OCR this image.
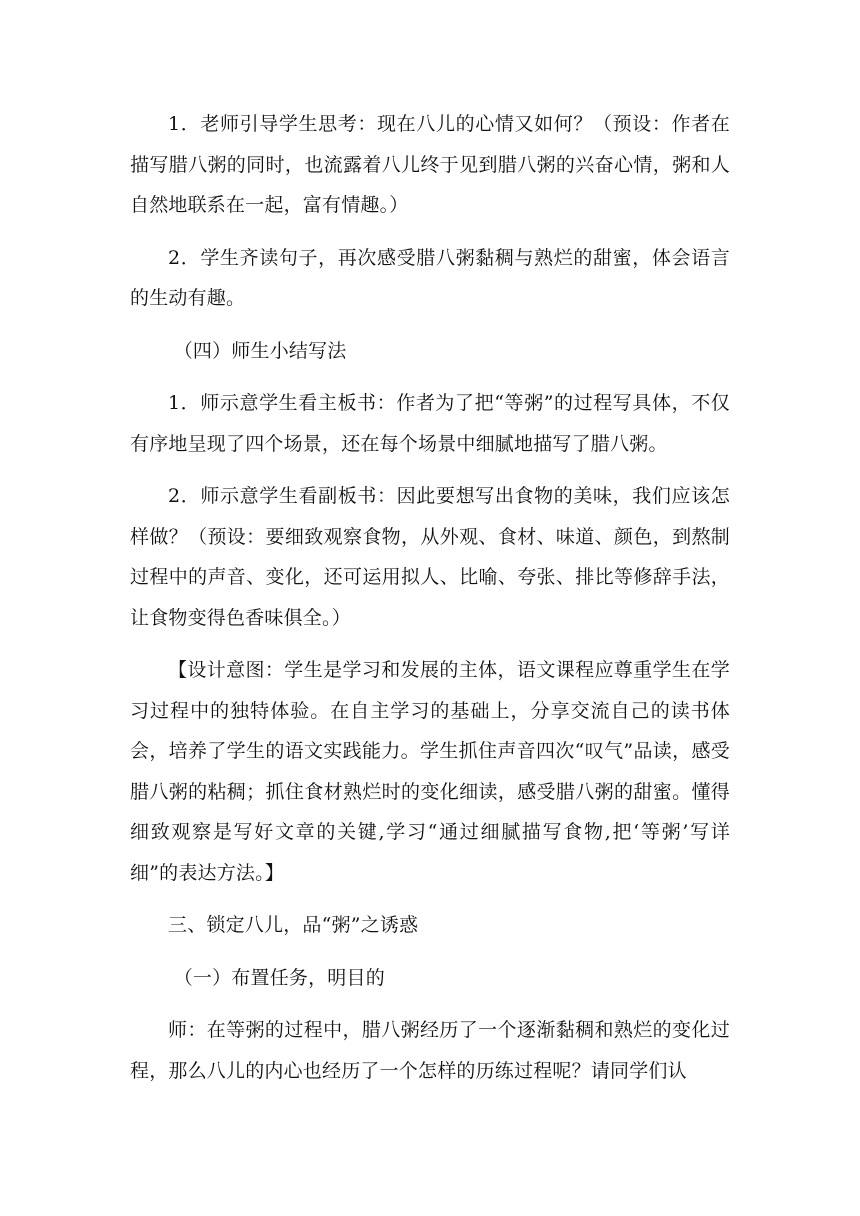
1．老师引导学生思考：现在八儿的心情又如何？（预设：作者在描写腊八粥的同时，也流露着八儿终于见到腊八粥的兴奋心情，粥和人自然地联系在一起，富有情趣。）

2．学生齐读句子，再次感受腊八粥黏稠与熟烂的甜蜜，体会语言的生动有趣。

（四）师生小结写法

1．师示意学生看主板书：作者为了把“等粥”的过程写具体，不仅有序地呈现了四个场景，还在每个场景中细腻地描写了腊八粥。

2．师示意学生看副板书：因此要想写出食物的美味，我们应该怎样做？（预设：要细致观察食物，从外观、食材、味道、颜色，到熬制过程中的声音、变化，还可运用拟人、比喻、夸张、排比等修辞手法，让食物变得色香味俱全。）

【设计意图：学生是学习和发展的主体，语文课程应尊重学生在学习过程中的独特体验。在自主学习的基础上，分享交流自己的读书体会，培养了学生的语文实践能力。学生抓住声音四次“叹气”品读，感受腊八粥的粘稠；抓住食材熟烂时的变化细读，感受腊八粥的甜蜜。懂得细致观察是写好文章的关键,学习“通过细腻描写食物,把‘等粥’写详细”的表达方法。】

三、锁定八儿，品“粥”之诱惑

（一）布置任务，明目的

师：在等粥的过程中，腊八粥经历了一个逐渐黏稠和熟烂的变化过程，那么八儿的内心也经历了一个怎样的历练过程呢？请同学们认
